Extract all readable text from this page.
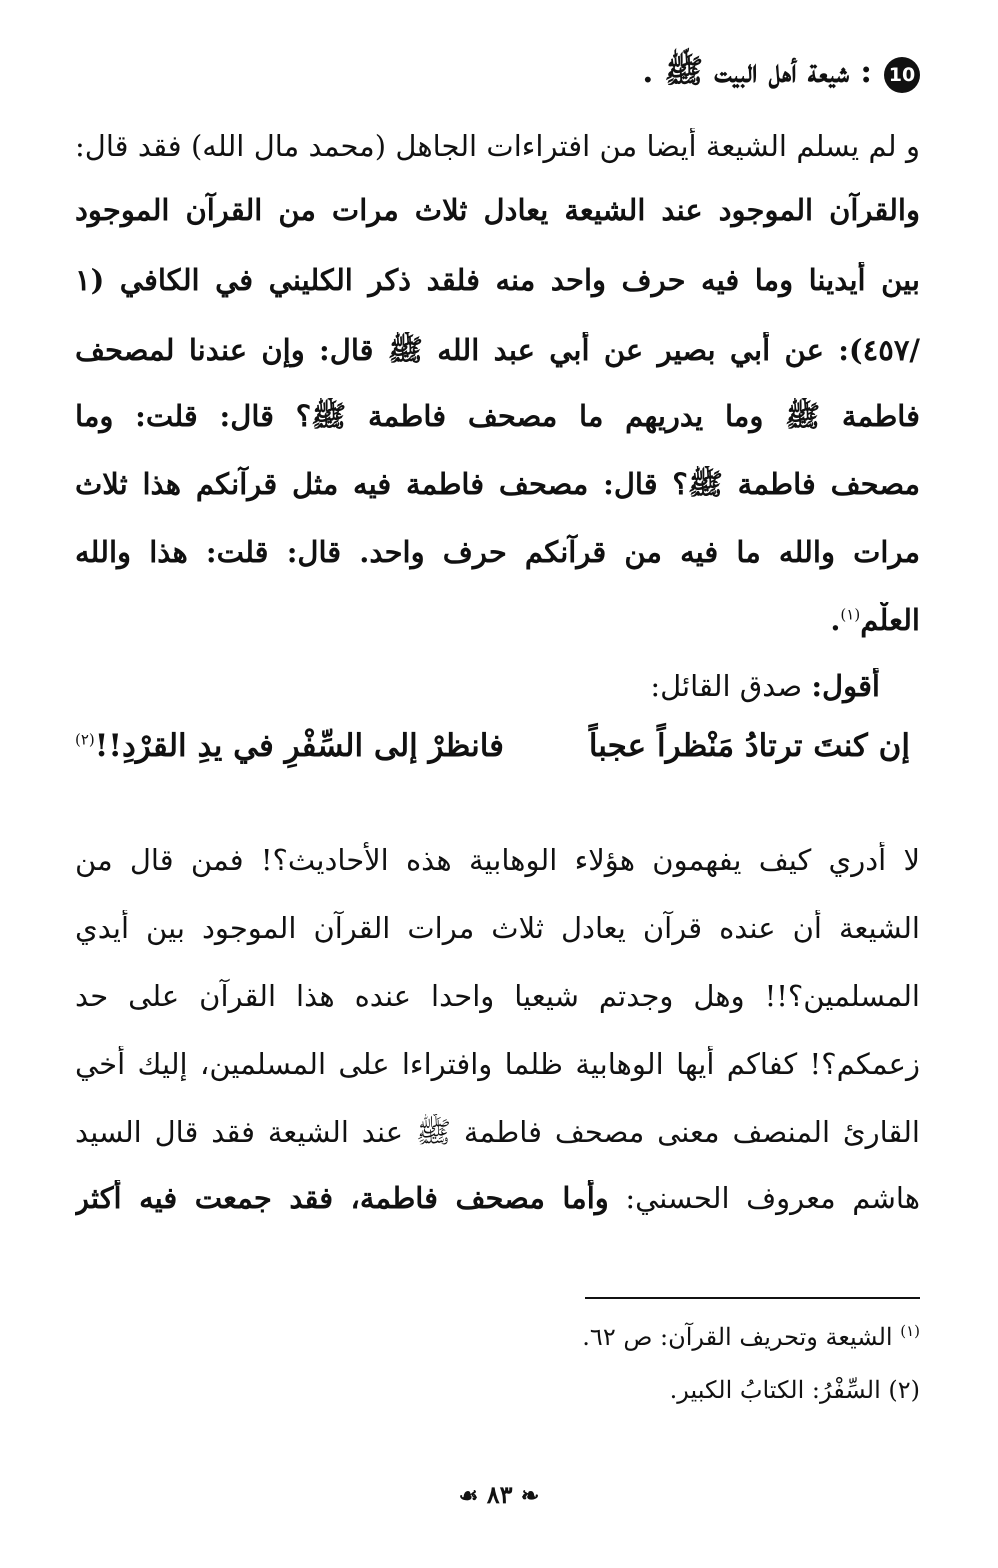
10
: شيعة أهل البيت ﷺ .
و لم يسلم الشيعة أيضا من افتراءات الجاهل (محمد مال الله) فقد قال:
والقرآن الموجود عند الشيعة يعادل ثلاث مرات من القرآن الموجود
بين أيدينا وما فيه حرف واحد منه فلقد ذكر الكليني في الكافي (١
/٤٥٧): عن أبي بصير عن أبي عبد الله ﷺ قال: وإن عندنا لمصحف
فاطمة ﷺ وما يدريهم ما مصحف فاطمة ﷺ؟ قال: قلت: وما
مصحف فاطمة ﷺ؟ قال: مصحف فاطمة فيه مثل قرآنكم هذا ثلاث
مرات والله ما فيه من قرآنكم حرف واحد. قال: قلت: هذا والله
العلْم$^{(١)}$.
أقول: صدق القائل:
إن كنتَ ترتادُ مَنْظراً عجباً
فانظرْ إلى السِّفْرِ في يدِ القرْدِ!!$^{(٢)}$
لا أدري كيف يفهمون هؤلاء الوهابية هذه الأحاديث؟! فمن قال من
الشيعة أن عنده قرآن يعادل ثلاث مرات القرآن الموجود بين أيدي
المسلمين؟!! وهل وجدتم شيعيا واحدا عنده هذا القرآن على حد
زعمكم؟! كفاكم أيها الوهابية ظلما وافتراءا على المسلمين، إليك أخي
القارئ المنصف معنى مصحف فاطمة ﷺ عند الشيعة فقد قال السيد
هاشم معروف الحسني: وأما مصحف فاطمة، فقد جمعت فيه أكثر
$^{(١)}$ الشيعة وتحريف القرآن: ص ٦٢.
(٢) السِّفْرُ: الكتابُ الكبير.
❧ ٨٣ ☙
